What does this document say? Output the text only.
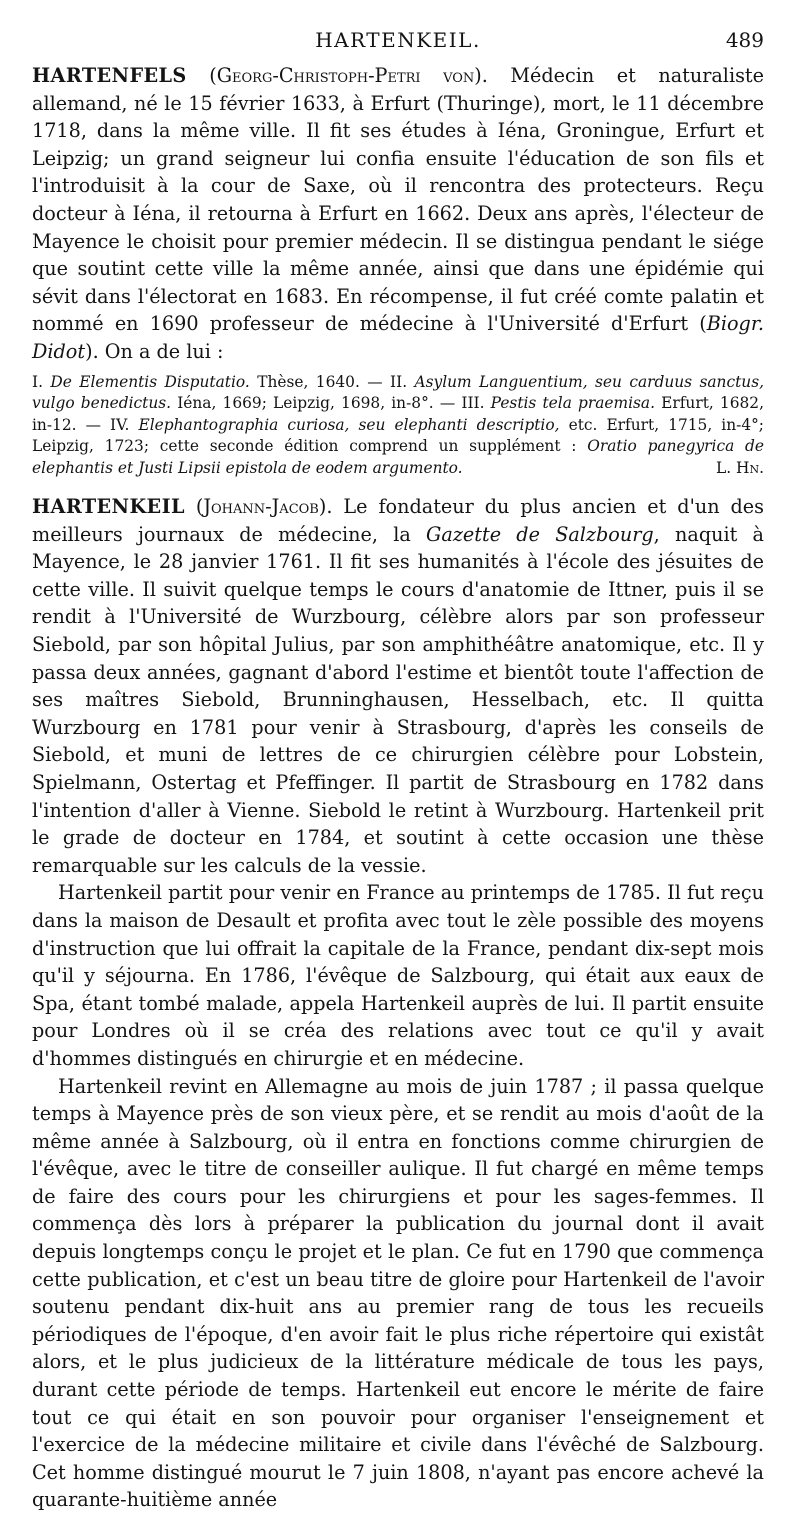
HARTENKEIL.	489

HARTENFELS (Georg-Christoph-Petri von). Médecin et naturaliste allemand, né le 15 février 1633, à Erfurt (Thuringe), mort, le 11 décembre 1718, dans la même ville. Il fit ses études à Iéna, Groningue, Erfurt et Leipzig; un grand seigneur lui confia ensuite l'éducation de son fils et l'introduisit à la cour de Saxe, où il rencontra des protecteurs. Reçu docteur à Iéna, il retourna à Erfurt en 1662. Deux ans après, l'électeur de Mayence le choisit pour premier médecin. Il se distingua pendant le siége que soutint cette ville la même année, ainsi que dans une épidémie qui sévit dans l'électorat en 1683. En récompense, il fut créé comte palatin et nommé en 1690 professeur de médecine à l'Université d'Erfurt (Biogr. Didot). On a de lui :

I. De Elementis Disputatio. Thèse, 1640. — II. Asylum Languentium, seu carduus sanctus, vulgo benedictus. Iéna, 1669; Leipzig, 1698, in-8°. — III. Pestis tela praemisa. Erfurt, 1682, in-12. — IV. Elephantographia curiosa, seu elephanti descriptio, etc. Erfurt, 1715, in-4°; Leipzig, 1723; cette seconde édition comprend un supplément : Oratio panegyrica de elephantis et Justi Lipsii epistola de eodem argumento.	L. Hn.

HARTENKEIL (Johann-Jacob). Le fondateur du plus ancien et d'un des meilleurs journaux de médecine, la Gazette de Salzbourg, naquit à Mayence, le 28 janvier 1761. Il fit ses humanités à l'école des jésuites de cette ville. Il suivit quelque temps le cours d'anatomie de Ittner, puis il se rendit à l'Université de Wurzbourg, célèbre alors par son professeur Siebold, par son hôpital Julius, par son amphithéâtre anatomique, etc. Il y passa deux années, gagnant d'abord l'estime et bientôt toute l'affection de ses maîtres Siebold, Brunninghausen, Hesselbach, etc. Il quitta Wurzbourg en 1781 pour venir à Strasbourg, d'après les conseils de Siebold, et muni de lettres de ce chirurgien célèbre pour Lobstein, Spielmann, Ostertag et Pfeffinger. Il partit de Strasbourg en 1782 dans l'intention d'aller à Vienne. Siebold le retint à Wurzbourg. Hartenkeil prit le grade de docteur en 1784, et soutint à cette occasion une thèse remarquable sur les calculs de la vessie.

Hartenkeil partit pour venir en France au printemps de 1785. Il fut reçu dans la maison de Desault et profita avec tout le zèle possible des moyens d'instruction que lui offrait la capitale de la France, pendant dix-sept mois qu'il y séjourna. En 1786, l'évêque de Salzbourg, qui était aux eaux de Spa, étant tombé malade, appela Hartenkeil auprès de lui. Il partit ensuite pour Londres où il se créa des relations avec tout ce qu'il y avait d'hommes distingués en chirurgie et en médecine.

Hartenkeil revint en Allemagne au mois de juin 1787 ; il passa quelque temps à Mayence près de son vieux père, et se rendit au mois d'août de la même année à Salzbourg, où il entra en fonctions comme chirurgien de l'évêque, avec le titre de conseiller aulique. Il fut chargé en même temps de faire des cours pour les chirurgiens et pour les sages-femmes. Il commença dès lors à préparer la publication du journal dont il avait depuis longtemps conçu le projet et le plan. Ce fut en 1790 que commença cette publication, et c'est un beau titre de gloire pour Hartenkeil de l'avoir soutenu pendant dix-huit ans au premier rang de tous les recueils périodiques de l'époque, d'en avoir fait le plus riche répertoire qui existât alors, et le plus judicieux de la littérature médicale de tous les pays, durant cette période de temps. Hartenkeil eut encore le mérite de faire tout ce qui était en son pouvoir pour organiser l'enseignement et l'exercice de la médecine militaire et civile dans l'évêché de Salzbourg. Cet homme distingué mourut le 7 juin 1808, n'ayant pas encore achevé la quarante-huitième année
